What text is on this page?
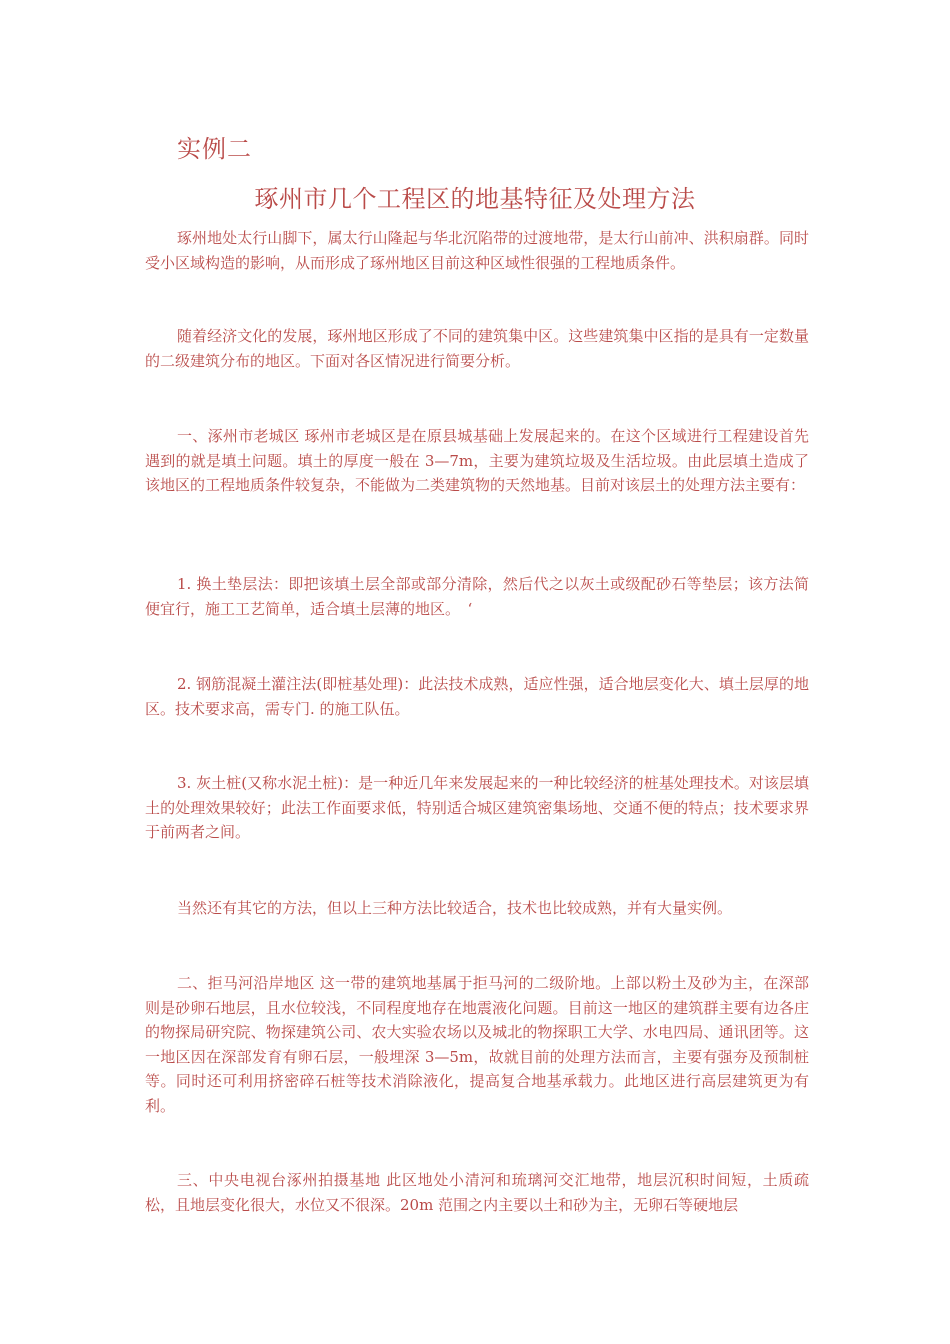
实例二
琢州市几个工程区的地基特征及处理方法

琢州地处太行山脚下，属太行山隆起与华北沉陷带的过渡地带，是太行山前冲、洪积扇群。同时受小区域构造的影响，从而形成了琢州地区目前这种区域性很强的工程地质条件。

随着经济文化的发展，琢州地区形成了不同的建筑集中区。这些建筑集中区指的是具有一定数量的二级建筑分布的地区。下面对各区情况进行简要分析。

一、涿州市老城区 琢州市老城区是在原县城基础上发展起来的。在这个区域进行工程建设首先遇到的就是填土问题。填土的厚度一般在 3—7m，主要为建筑垃圾及生活垃圾。由此层填土造成了该地区的工程地质条件较复杂，不能做为二类建筑物的天然地基。目前对该层土的处理方法主要有：

1. 换土垫层法：即把该填土层全部或部分清除，然后代之以灰土或级配砂石等垫层；该方法简便宜行，施工工艺简单，适合填土层薄的地区。　‘

2. 钢筋混凝土灌注法(即桩基处理)：此法技术成熟，适应性强，适合地层变化大、填土层厚的地区。技术要求高，需专门. 的施工队伍。

3. 灰土桩(又称水泥土桩)：是一种近几年来发展起来的一种比较经济的桩基处理技术。对该层填土的处理效果较好；此法工作面要求低，特别适合城区建筑密集场地、交通不便的特点；技术要求界于前两者之间。

当然还有其它的方法，但以上三种方法比较适合，技术也比较成熟，并有大量实例。

二、拒马河沿岸地区 这一带的建筑地基属于拒马河的二级阶地。上部以粉土及砂为主，在深部则是砂卵石地层，且水位较浅，不同程度地存在地震液化问题。目前这一地区的建筑群主要有边各庄的物探局研究院、物探建筑公司、农大实验农场以及城北的物探职工大学、水电四局、通讯团等。这一地区因在深部发育有卵石层，一般埋深 3—5m，故就目前的处理方法而言，主要有强夯及预制桩等。同时还可利用挤密碎石桩等技术消除液化，提高复合地基承载力。此地区进行高层建筑更为有利。

三、中央电视台涿州拍摄基地 此区地处小清河和琉璃河交汇地带，地层沉积时间短，土质疏松，且地层变化很大，水位又不很深。20m 范围之内主要以土和砂为主，无卵石等硬地层
